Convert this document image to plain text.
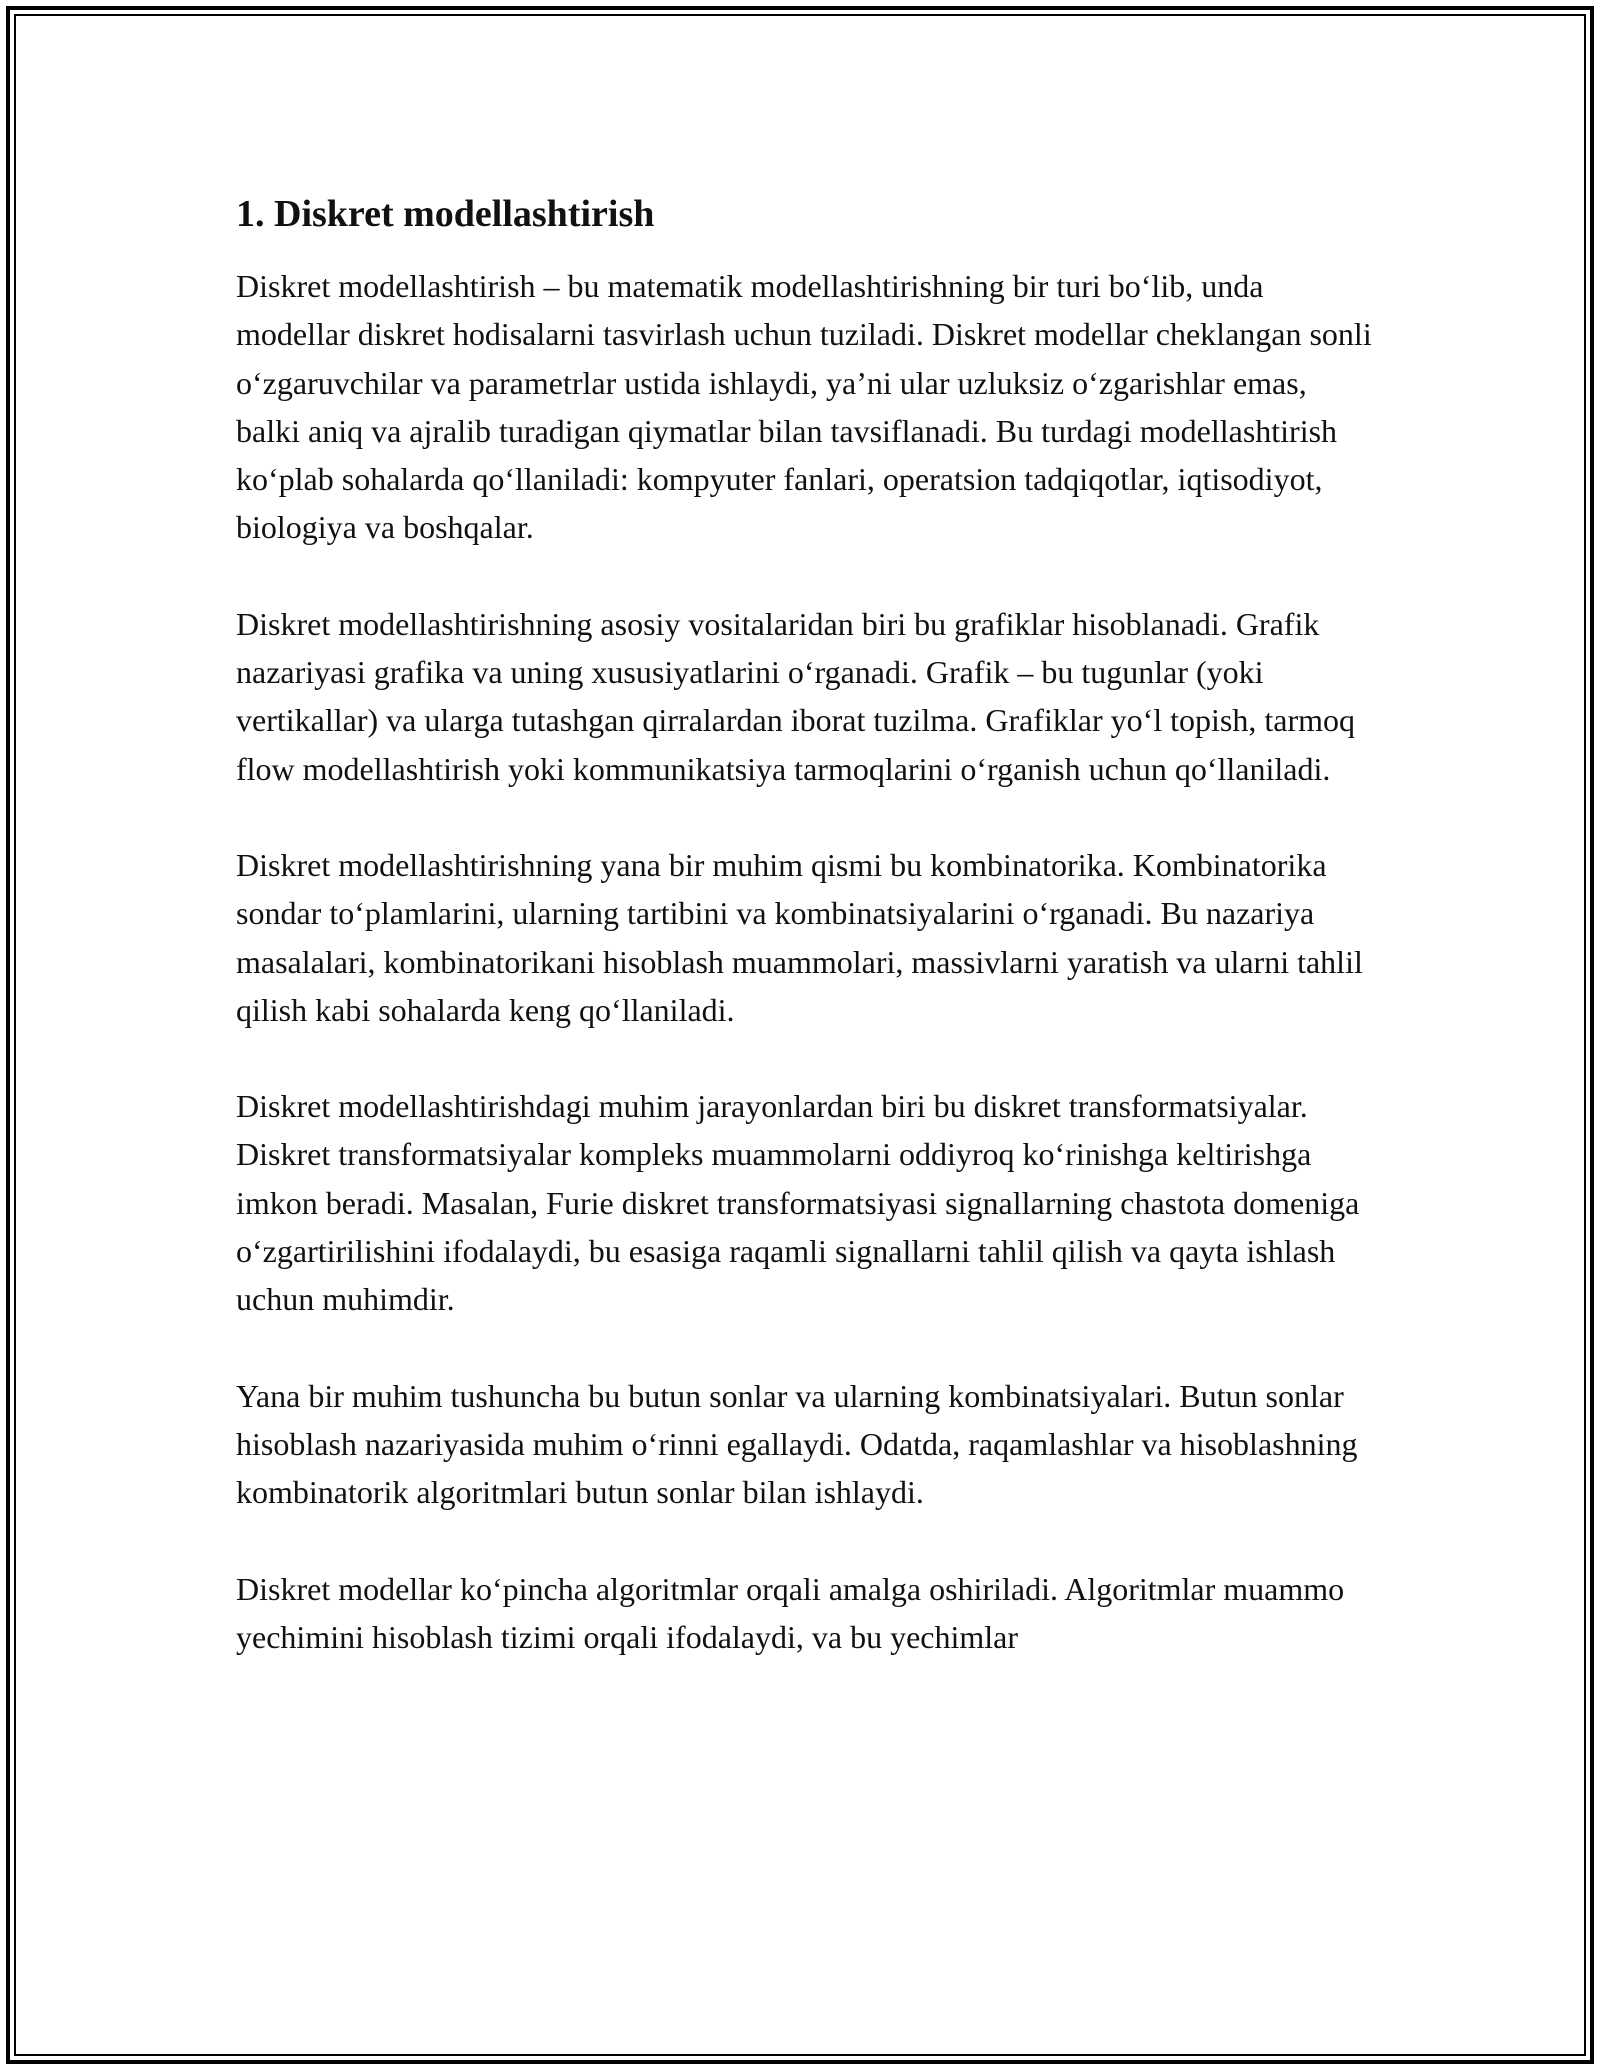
1. Diskret modellashtirish

Diskret modellashtirish – bu matematik modellashtirishning bir turi bo‘lib, unda modellar diskret hodisalarni tasvirlash uchun tuziladi. Diskret modellar cheklangan sonli o‘zgaruvchilar va parametrlar ustida ishlaydi, ya’ni ular uzluksiz o‘zgarishlar emas, balki aniq va ajralib turadigan qiymatlar bilan tavsiflanadi. Bu turdagi modellashtirish ko‘plab sohalarda qo‘llaniladi: kompyuter fanlari, operatsion tadqiqotlar, iqtisodiyot, biologiya va boshqalar.

Diskret modellashtirishning asosiy vositalaridan biri bu grafiklar hisoblanadi. Grafik nazariyasi grafika va uning xususiyatlarini o‘rganadi. Grafik – bu tugunlar (yoki vertikallar) va ularga tutashgan qirralardan iborat tuzilma. Grafiklar yo‘l topish, tarmoq flow modellashtirish yoki kommunikatsiya tarmoqlarini o‘rganish uchun qo‘llaniladi.

Diskret modellashtirishning yana bir muhim qismi bu kombinatorika. Kombinatorika sondar to‘plamlarini, ularning tartibini va kombinatsiyalarini o‘rganadi. Bu nazariya masalalari, kombinatorikani hisoblash muammolari, massivlarni yaratish va ularni tahlil qilish kabi sohalarda keng qo‘llaniladi.

Diskret modellashtirishdagi muhim jarayonlardan biri bu diskret transformatsiyalar. Diskret transformatsiyalar kompleks muammolarni oddiyroq ko‘rinishga keltirishga imkon beradi. Masalan, Furie diskret transformatsiyasi signallarning chastota domeniga o‘zgartirilishini ifodalaydi, bu esasiga raqamli signallarni tahlil qilish va qayta ishlash uchun muhimdir.

Yana bir muhim tushuncha bu butun sonlar va ularning kombinatsiyalari. Butun sonlar hisoblash nazariyasida muhim o‘rinni egallaydi. Odatda, raqamlashlar va hisoblashning kombinatorik algoritmlari butun sonlar bilan ishlaydi.

Diskret modellar ko‘pincha algoritmlar orqali amalga oshiriladi. Algoritmlar muammo yechimini hisoblash tizimi orqali ifodalaydi, va bu yechimlar
